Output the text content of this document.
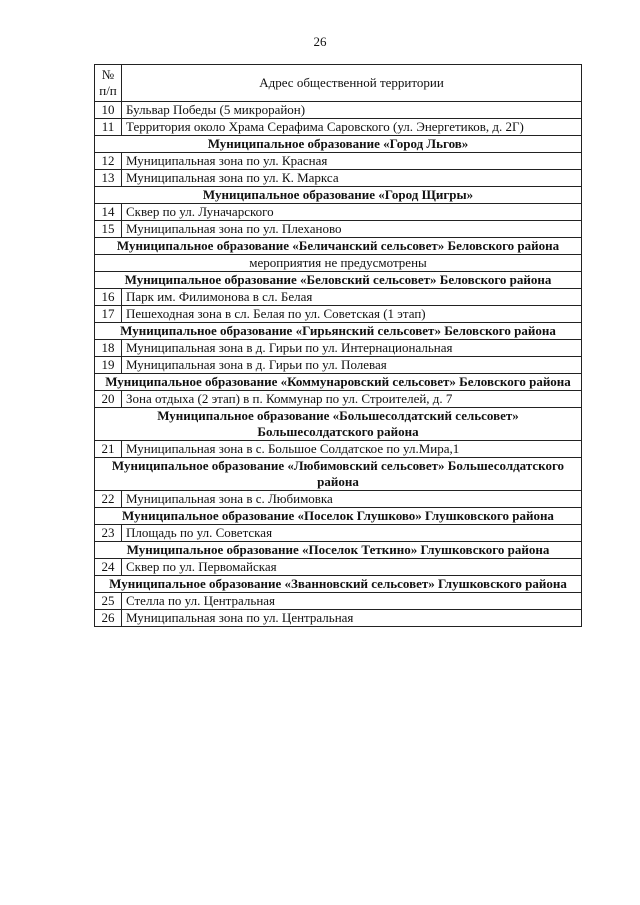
26
№
п/п	Адрес общественной территории
10	Бульвар Победы (5 микрорайон)
11	Территория около Храма Серафима Саровского (ул. Энергетиков, д. 2Г)
Муниципальное образование «Город Льгов»	
12	Муниципальная зона по ул. Красная
13	Муниципальная зона по ул. К. Маркса
Муниципальное образование «Город Щигры»	
14	Сквер по ул. Луначарского
15	Муниципальная зона по ул. Плеханово
Муниципальное образование «Беличанский сельсовет» Беловского района	
мероприятия не предусмотрены	
Муниципальное образование «Беловский сельсовет» Беловского района	
16	Парк им. Филимонова в сл. Белая
17	Пешеходная зона в сл. Белая по ул. Советская (1 этап)
Муниципальное образование «Гирьянский сельсовет» Беловского района	
18	Муниципальная зона в д. Гирьи по ул. Интернациональная
19	Муниципальная зона в д. Гирьи по ул. Полевая
Муниципальное образование «Коммунаровский сельсовет» Беловского района	
20	Зона отдыха (2 этап) в п. Коммунар по ул. Строителей, д. 7
Муниципальное образование «Большесолдатский сельсовет» Большесолдатского района	
21	Муниципальная зона в с. Большое Солдатское по ул.Мира,1
Муниципальное образование «Любимовский сельсовет» Большесолдатского района	
22	Муниципальная зона в с. Любимовка
Муниципальное образование «Поселок Глушково» Глушковского района	
23	Площадь по ул. Советская
Муниципальное образование «Поселок Теткино» Глушковского района	
24	Сквер по ул. Первомайская
Муниципальное образование «Званновский сельсовет» Глушковского района	
25	Стелла по ул. Центральная
26	Муниципальная зона по ул. Центральная
